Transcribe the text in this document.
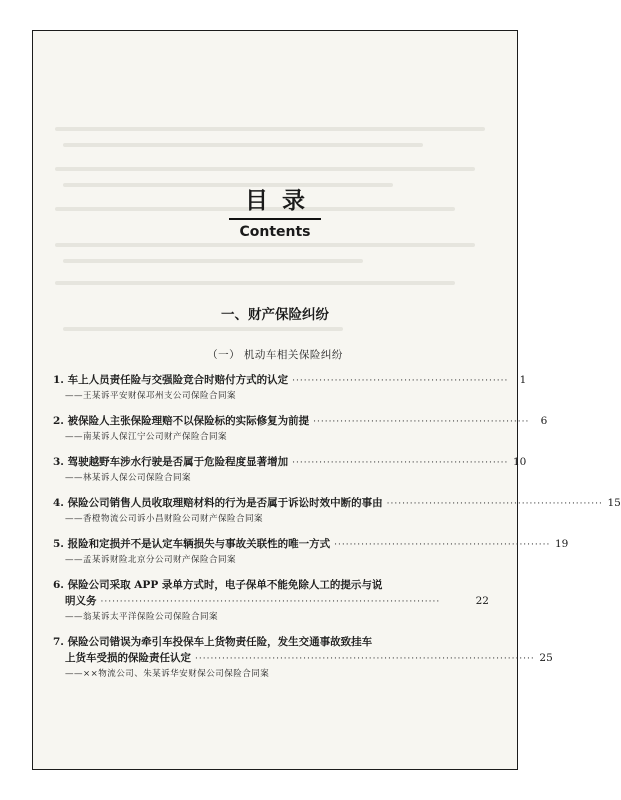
目录
Contents
一、财产保险纠纷
（一） 机动车相关保险纠纷
1. 车上人员责任险与交强险竞合时赔付方式的认定 ························································	1
——王某诉平安财保邛州支公司保险合同案
2. 被保险人主张保险理赔不以保险标的实际修复为前提 ························································	6
——南某诉人保江宁公司财产保险合同案
3. 驾驶越野车涉水行驶是否属于危险程度显著增加 ························································ 10
——林某诉人保公司保险合同案
4. 保险公司销售人员收取理赔材料的行为是否属于诉讼时效中断的事由 ························································ 15
——香橙物流公司诉小昌财险公司财产保险合同案
5. 报险和定损并不是认定车辆损失与事故关联性的唯一方式 ························································ 19
——孟某诉财险北京分公司财产保险合同案
6. 保险公司采取 APP 录单方式时，电子保单不能免除人工的提示与说
明义务 ························································································	22
——翁某诉太平洋保险公司保险合同案
7. 保险公司错误为牵引车投保车上货物责任险，发生交通事故致挂车
上货车受损的保险责任认定 ························································································ 25
——××物流公司、朱某诉华安财保公司保险合同案
